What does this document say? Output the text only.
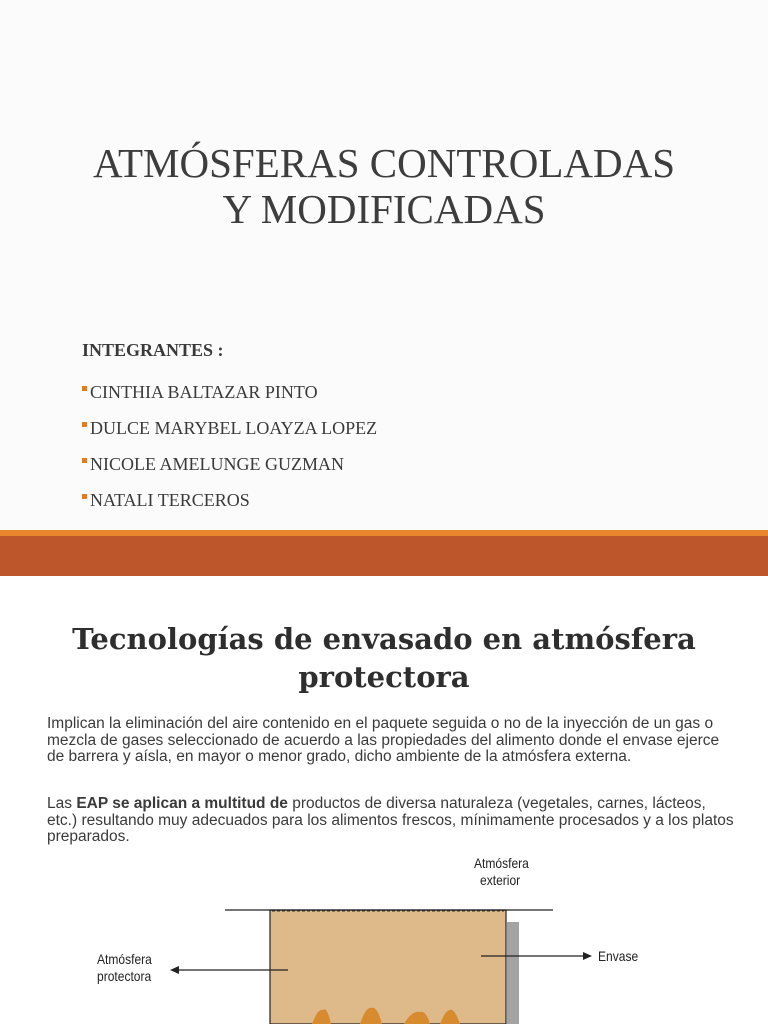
ATMÓSFERAS CONTROLADAS
Y MODIFICADAS
INTEGRANTES :
CINTHIA BALTAZAR PINTO
DULCE MARYBEL LOAYZA LOPEZ
NICOLE AMELUNGE GUZMAN
NATALI TERCEROS
Tecnologías de envasado en atmósfera
protectora

Implican la eliminación del aire contenido en el paquete seguida o no de la inyección de un gas o mezcla de gases seleccionado de acuerdo a las propiedades del alimento donde el envase ejerce de barrera y aísla, en mayor o menor grado, dicho ambiente de la atmósfera externa.

Las EAP se aplican a multitud de productos de diversa naturaleza (vegetales, carnes, lácteos, etc.) resultando muy adecuados para los alimentos frescos, mínimamente procesados y a los platos preparados.

Atmósfera
exterior
Atmósfera
protectora
Envase
